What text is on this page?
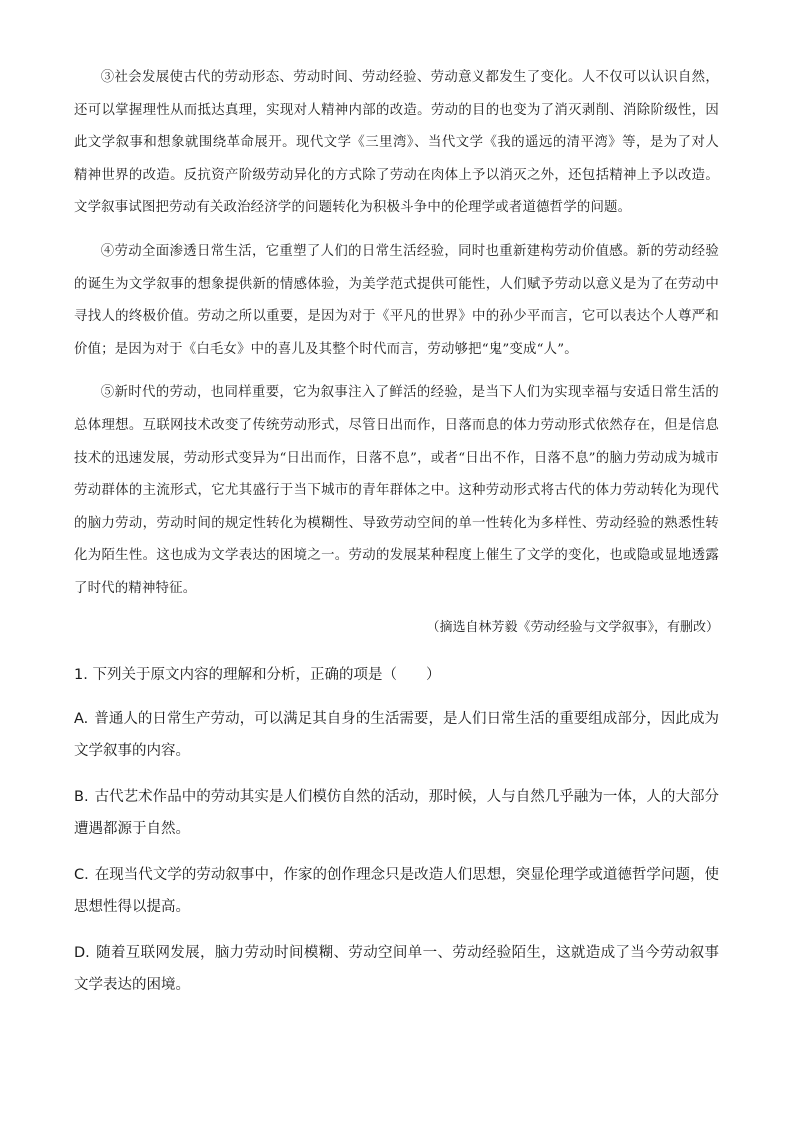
③社会发展使古代的劳动形态、劳动时间、劳动经验、劳动意义都发生了变化。人不仅可以认识自然，还可以掌握理性从而抵达真理，实现对人精神内部的改造。劳动的目的也变为了消灭剥削、消除阶级性，因此文学叙事和想象就围绕革命展开。现代文学《三里湾》、当代文学《我的遥远的清平湾》等，是为了对人精神世界的改造。反抗资产阶级劳动异化的方式除了劳动在肉体上予以消灭之外，还包括精神上予以改造。文学叙事试图把劳动有关政治经济学的问题转化为积极斗争中的伦理学或者道德哲学的问题。

④劳动全面渗透日常生活，它重塑了人们的日常生活经验，同时也重新建构劳动价值感。新的劳动经验的诞生为文学叙事的想象提供新的情感体验，为美学范式提供可能性，人们赋予劳动以意义是为了在劳动中寻找人的终极价值。劳动之所以重要，是因为对于《平凡的世界》中的孙少平而言，它可以表达个人尊严和价值；是因为对于《白毛女》中的喜儿及其整个时代而言，劳动够把“鬼”变成“人”。

⑤新时代的劳动，也同样重要，它为叙事注入了鲜活的经验，是当下人们为实现幸福与安适日常生活的总体理想。互联网技术改变了传统劳动形式，尽管日出而作，日落而息的体力劳动形式依然存在，但是信息技术的迅速发展，劳动形式变异为“日出而作，日落不息”，或者“日出不作，日落不息”的脑力劳动成为城市劳动群体的主流形式，它尤其盛行于当下城市的青年群体之中。这种劳动形式将古代的体力劳动转化为现代的脑力劳动，劳动时间的规定性转化为模糊性、导致劳动空间的单一性转化为多样性、劳动经验的熟悉性转化为陌生性。这也成为文学表达的困境之一。劳动的发展某种程度上催生了文学的变化，也或隐或显地透露了时代的精神特征。

（摘选自林芳毅《劳动经验与文学叙事》，有删改）

1. 下列关于原文内容的理解和分析，正确的项是（　　）

A. 普通人的日常生产劳动，可以满足其自身的生活需要，是人们日常生活的重要组成部分，因此成为文学叙事的内容。

B. 古代艺术作品中的劳动其实是人们模仿自然的活动，那时候，人与自然几乎融为一体，人的大部分遭遇都源于自然。

C. 在现当代文学的劳动叙事中，作家的创作理念只是改造人们思想，突显伦理学或道德哲学问题，使思想性得以提高。

D. 随着互联网发展，脑力劳动时间模糊、劳动空间单一、劳动经验陌生，这就造成了当今劳动叙事文学表达的困境。
